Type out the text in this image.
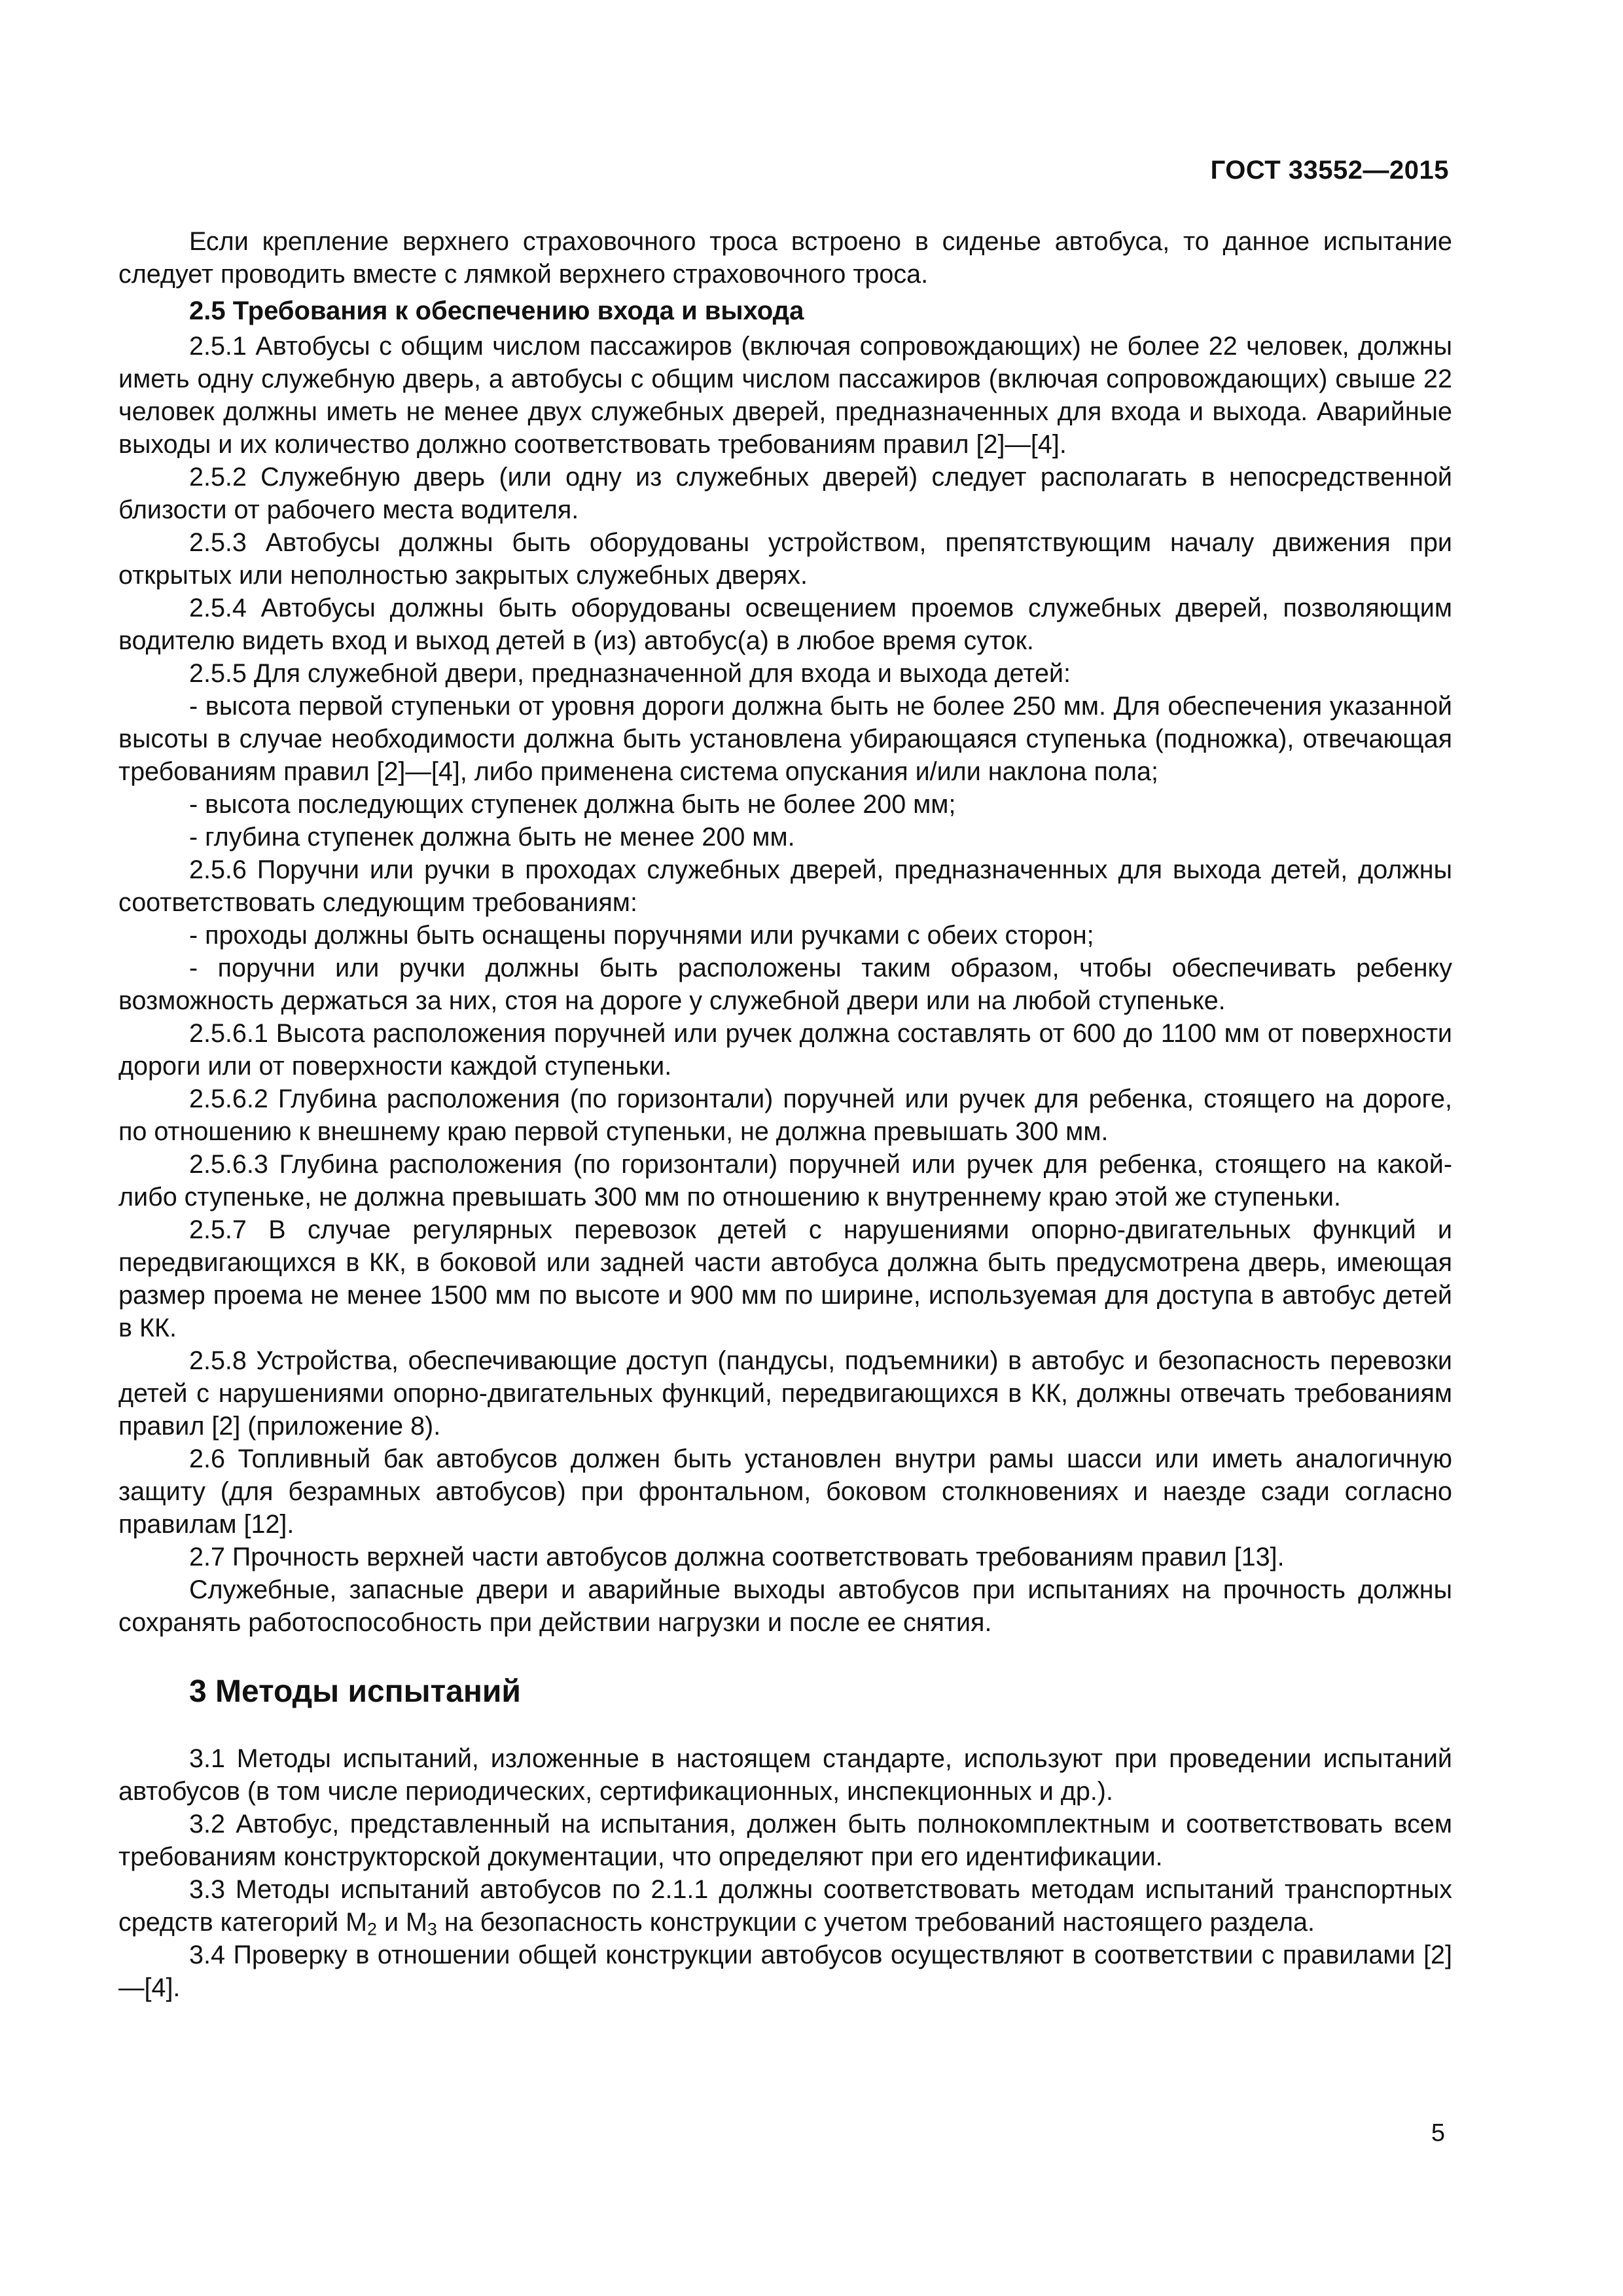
ГОСТ 33552—2015

Если крепление верхнего страховочного троса встроено в сиденье автобуса, то данное испытание следует проводить вместе с лямкой верхнего страховочного троса.

2.5 Требования к обеспечению входа и выхода

2.5.1 Автобусы с общим числом пассажиров (включая сопровождающих) не более 22 человек, должны иметь одну служебную дверь, а автобусы с общим числом пассажиров (включая сопровождающих) свыше 22 человек должны иметь не менее двух служебных дверей, предназначенных для входа и выхода. Аварийные выходы и их количество должно соответствовать требованиям правил [2]—[4].

2.5.2 Служебную дверь (или одну из служебных дверей) следует располагать в непосредственной близости от рабочего места водителя.

2.5.3 Автобусы должны быть оборудованы устройством, препятствующим началу движения при открытых или неполностью закрытых служебных дверях.

2.5.4 Автобусы должны быть оборудованы освещением проемов служебных дверей, позволяющим водителю видеть вход и выход детей в (из) автобус(а) в любое время суток.

2.5.5 Для служебной двери, предназначенной для входа и выхода детей:

- высота первой ступеньки от уровня дороги должна быть не более 250 мм. Для обеспечения указанной высоты в случае необходимости должна быть установлена убирающаяся ступенька (подножка), отвечающая требованиям правил [2]—[4], либо применена система опускания и/или наклона пола;

- высота последующих ступенек должна быть не более 200 мм;

- глубина ступенек должна быть не менее 200 мм.

2.5.6 Поручни или ручки в проходах служебных дверей, предназначенных для выхода детей, должны соответствовать следующим требованиям:

- проходы должны быть оснащены поручнями или ручками с обеих сторон;

- поручни или ручки должны быть расположены таким образом, чтобы обеспечивать ребенку возможность держаться за них, стоя на дороге у служебной двери или на любой ступеньке.

2.5.6.1 Высота расположения поручней или ручек должна составлять от 600 до 1100 мм от поверхности дороги или от поверхности каждой ступеньки.

2.5.6.2 Глубина расположения (по горизонтали) поручней или ручек для ребенка, стоящего на дороге, по отношению к внешнему краю первой ступеньки, не должна превышать 300 мм.

2.5.6.3 Глубина расположения (по горизонтали) поручней или ручек для ребенка, стоящего на какой-либо ступеньке, не должна превышать 300 мм по отношению к внутреннему краю этой же ступеньки.

2.5.7 В случае регулярных перевозок детей с нарушениями опорно-двигательных функций и передвигающихся в КК, в боковой или задней части автобуса должна быть предусмотрена дверь, имеющая размер проема не менее 1500 мм по высоте и 900 мм по ширине, используемая для доступа в автобус детей в КК.

2.5.8 Устройства, обеспечивающие доступ (пандусы, подъемники) в автобус и безопасность перевозки детей с нарушениями опорно-двигательных функций, передвигающихся в КК, должны отвечать требованиям правил [2] (приложение 8).

2.6 Топливный бак автобусов должен быть установлен внутри рамы шасси или иметь аналогичную защиту (для безрамных автобусов) при фронтальном, боковом столкновениях и наезде сзади согласно правилам [12].

2.7 Прочность верхней части автобусов должна соответствовать требованиям правил [13].

Служебные, запасные двери и аварийные выходы автобусов при испытаниях на прочность должны сохранять работоспособность при действии нагрузки и после ее снятия.

3 Методы испытаний

3.1 Методы испытаний, изложенные в настоящем стандарте, используют при проведении испытаний автобусов (в том числе периодических, сертификационных, инспекционных и др.).

3.2 Автобус, представленный на испытания, должен быть полнокомплектным и соответствовать всем требованиям конструкторской документации, что определяют при его идентификации.

3.3 Методы испытаний автобусов по 2.1.1 должны соответствовать методам испытаний транспортных средств категорий $М_2$ и $М_3$ на безопасность конструкции с учетом требований настоящего раздела.

3.4 Проверку в отношении общей конструкции автобусов осуществляют в соответствии с правилами [2]—[4].

5
